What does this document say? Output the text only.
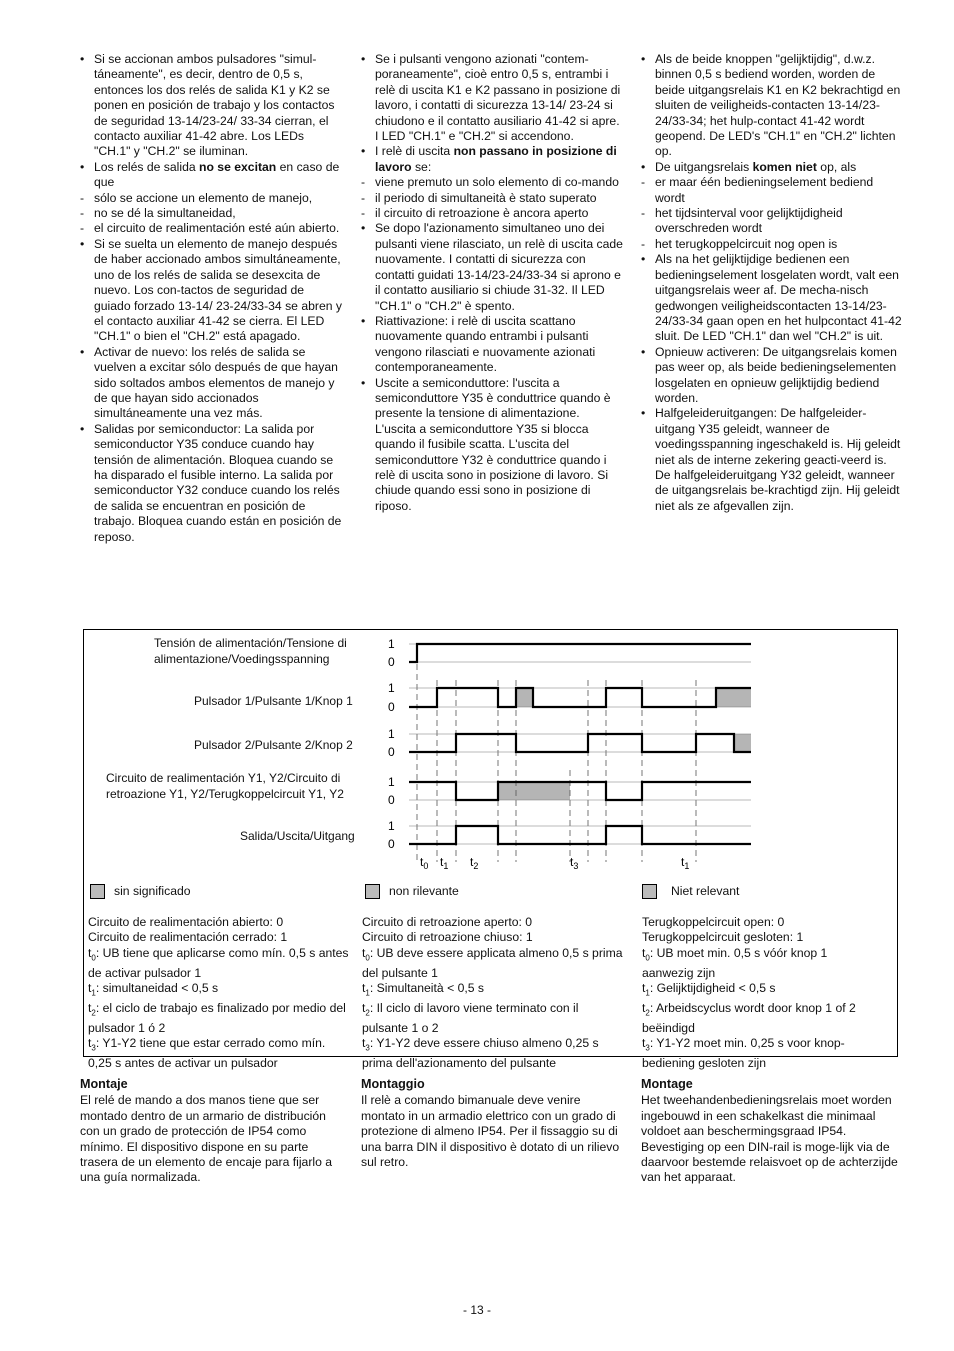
• Si se accionan ambos pulsadores "simul-táneamente", es decir, dentro de 0,5 s, entonces los dos relés de salida K1 y K2 se ponen en posición de trabajo y los contactos de seguridad 13-14/23-24/ 33-34 cierran, el contacto auxiliar 41-42 abre. Los LEDs "CH.1" y "CH.2" se iluminan.
• Los relés de salida no se excitan en caso de que
- sólo se accione un elemento de manejo,
- no se dé la simultaneidad,
- el circuito de realimentación esté aún abierto.
• Si se suelta un elemento de manejo después de haber accionado ambos simultáneamente, uno de los relés de salida se desexcita de nuevo. Los con-tactos de seguridad de guiado forzado 13-14/ 23-24/33-34 se abren y el contacto auxiliar 41-42 se cierra. El LED "CH.1" o bien el "CH.2" está apagado.
• Activar de nuevo: los relés de salida se vuelven a excitar sólo después de que hayan sido soltados ambos elementos de manejo y de que hayan sido accionados simultáneamente una vez más.
• Salidas por semiconductor: La salida por semiconductor Y35 conduce cuando hay tensión de alimentación. Bloquea cuando se ha disparado el fusible interno. La salida por semiconductor Y32 conduce cuando los relés de salida se encuentran en posición de trabajo. Bloquea cuando están en posición de reposo.
• Se i pulsanti vengono azionati "contem-poraneamente", cioè entro 0,5 s, entrambi i relè di uscita K1 e K2 passano in posizione di lavoro, i contatti di sicurezza 13-14/ 23-24 si chiudono e il contatto ausiliario 41-42 si apre. I LED "CH.1" e "CH.2" si accendono.
• I relè di uscita non passano in posizione di lavoro se:
- viene premuto un solo elemento di co-mando
- il periodo di simultaneità è stato superato
- il circuito di retroazione è ancora aperto
• Se dopo l'azionamento simultaneo uno dei pulsanti viene rilasciato, un relè di uscita cade nuovamente. I contatti di sicurezza con contatti guidati 13-14/23-24/33-34 si aprono e il contatto ausiliario si chiude 31-32. Il LED "CH.1" o "CH.2" è spento.
• Riattivazione: i relè di uscita scattano nuovamente quando entrambi i pulsanti vengono rilasciati e nuovamente azionati contemporaneamente.
• Uscite a semiconduttore: l'uscita a semiconduttore Y35 è conduttrice quando è presente la tensione di alimentazione. L'uscita a semiconduttore Y35 si blocca quando il fusibile scatta. L'uscita del semiconduttore Y32 è conduttrice quando i relè di uscita sono in posizione di lavoro. Si chiude quando essi sono in posizione di riposo.
• Als de beide knoppen "gelijktijdig", d.w.z. binnen 0,5 s bediend worden, worden de beide uitgangsrelais K1 en K2 bekrachtigd en sluiten de veiligheids-contacten 13-14/23-24/33-34; het hulp-contact 41-42 wordt geopend. De LED's "CH.1" en "CH.2" lichten op.
• De uitgangsrelais komen niet op, als
- er maar één bedieningselement bediend wordt
- het tijdsinterval voor gelijktijdigheid overschreden wordt
- het terugkoppelcircuit nog open is
• Als na het gelijktijdige bedienen een bedieningselement losgelaten wordt, valt een uitgangsrelais weer af. De mecha-nisch gedwongen veiligheidscontacten 13-14/23-24/33-34 gaan open en het hulpcontact 41-42 sluit. De LED "CH.1" dan wel "CH.2" is uit.
• Opnieuw activeren: De uitgangsrelais komen pas weer op, als beide bedieningselementen losgelaten en opnieuw gelijktijdig bediend worden.
• Halfgeleideruitgangen: De halfgeleider-uitgang Y35 geleidt, wanneer de voedingsspanning ingeschakeld is. Hij geleidt niet als de interne zekering geacti-veerd is. De halfgeleideruitgang Y32 geleidt, wanneer de uitgangsrelais be-krachtigd zijn. Hij geleidt niet als ze afgevallen zijn.
1
0
1
0
1
0
1
0
1
0
$t_0$ $t_1$ $t_2$	$t_3$	$t_1$
Tensión de alimentación/Tensione di alimentazione/Voedingsspanning
Pulsador 1/Pulsante 1/Knop 1
Pulsador 2/Pulsante 2/Knop 2
Circuito de realimentación Y1, Y2/Circuito di retroazione Y1, Y2/Terugkoppelcircuit Y1, Y2
Salida/Uscita/Uitgang
sin significado	non rilevante	Niet relevant
Circuito de realimentación abierto: 0
Circuito de realimentación cerrado: 1
$t_0$: UB tiene que aplicarse como mín. 0,5 s antes de activar pulsador 1
$t_1$: simultaneidad < 0,5 s
$t_2$: el ciclo de trabajo es finalizado por medio del pulsador 1 ó 2
$t_3$: Y1-Y2 tiene que estar cerrado como mín. 0,25 s antes de activar un pulsador
Circuito di retroazione aperto: 0
Circuito di retroazione chiuso: 1
$t_0$: UB deve essere applicata almeno 0,5 s prima del pulsante 1
$t_1$: Simultaneità < 0,5 s
$t_2$: Il ciclo di lavoro viene terminato con il pulsante 1 o 2
$t_3$: Y1-Y2 deve essere chiuso almeno 0,25 s prima dell'azionamento del pulsante
Terugkoppelcircuit open: 0
Terugkoppelcircuit gesloten: 1
$t_0$: UB moet min. 0,5 s vóór knop 1 aanwezig zijn
$t_1$: Gelijktijdigheid < 0,5 s
$t_2$: Arbeidscyclus wordt door knop 1 of 2 beëindigd
$t_3$: Y1-Y2 moet min. 0,25 s voor knop-bediening gesloten zijn
Montaje
El relé de mando a dos manos tiene que ser montado dentro de un armario de distribución con un grado de protección de IP54 como mínimo. El dispositivo dispone en su parte trasera de un elemento de encaje para fijarlo a una guía normalizada.
Montaggio
Il relè a comando bimanuale deve venire montato in un armadio elettrico con un grado di protezione di almeno IP54. Per il fissaggio su di una barra DIN il dispositivo è dotato di un rilievo sul retro.
Montage
Het tweehandenbedieningsrelais moet worden ingebouwd in een schakelkast die minimaal voldoet aan beschermingsgraad IP54. Bevestiging op een DIN-rail is moge-lijk via de daarvoor bestemde relaisvoet op de achterzijde van het apparaat.
- 13 -
